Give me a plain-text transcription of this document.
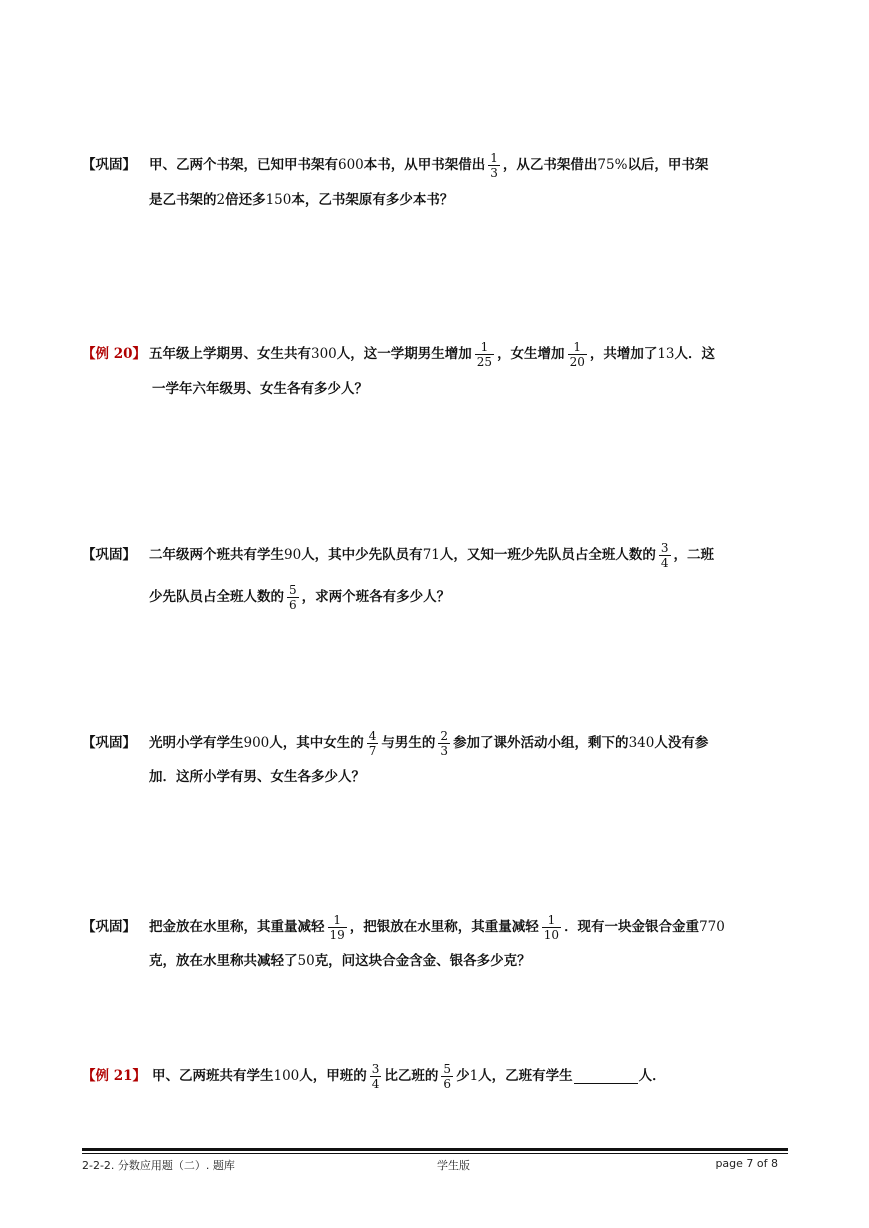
【巩固】 甲、乙两个书架，已知甲书架有 600 本书，从甲书架借出 $\frac{1}{3}$ ，从乙书架借出 75% 以后，甲书架
是乙书架的 2 倍还多 150 本，乙书架原有多少本书？
【例 20】 五年级上学期男、女生共有 300 人，这一学期男生增加 $\frac{1}{25}$ ，女生增加 $\frac{1}{20}$ ，共增加了 13 人．这
一学年六年级男、女生各有多少人？
【巩固】 二年级两个班共有学生 90 人，其中少先队员有 71 人，又知一班少先队员占全班人数的 $\frac{3}{4}$ ，二班
少先队员占全班人数的 $\frac{5}{6}$ ，求两个班各有多少人？
【巩固】 光明小学有学生 900 人，其中女生的 $\frac{4}{7}$ 与男生的 $\frac{2}{3}$ 参加了课外活动小组，剩下的 340 人没有参
加．这所小学有男、女生各多少人？
【巩固】 把金放在水里称，其重量减轻 $\frac{1}{19}$ ，把银放在水里称，其重量减轻 $\frac{1}{10}$ ．现有一块金银合金重 770
克，放在水里称共减轻了 50 克，问这块合金含金、银各多少克？
【例 21】 甲、乙两班共有学生 100 人，甲班的 $\frac{3}{4}$ 比乙班的 $\frac{5}{6}$ 少 1 人，乙班有学生	人．
2-2-2. 分数应用题（二）. 题库	学生版	page 7 of 8
